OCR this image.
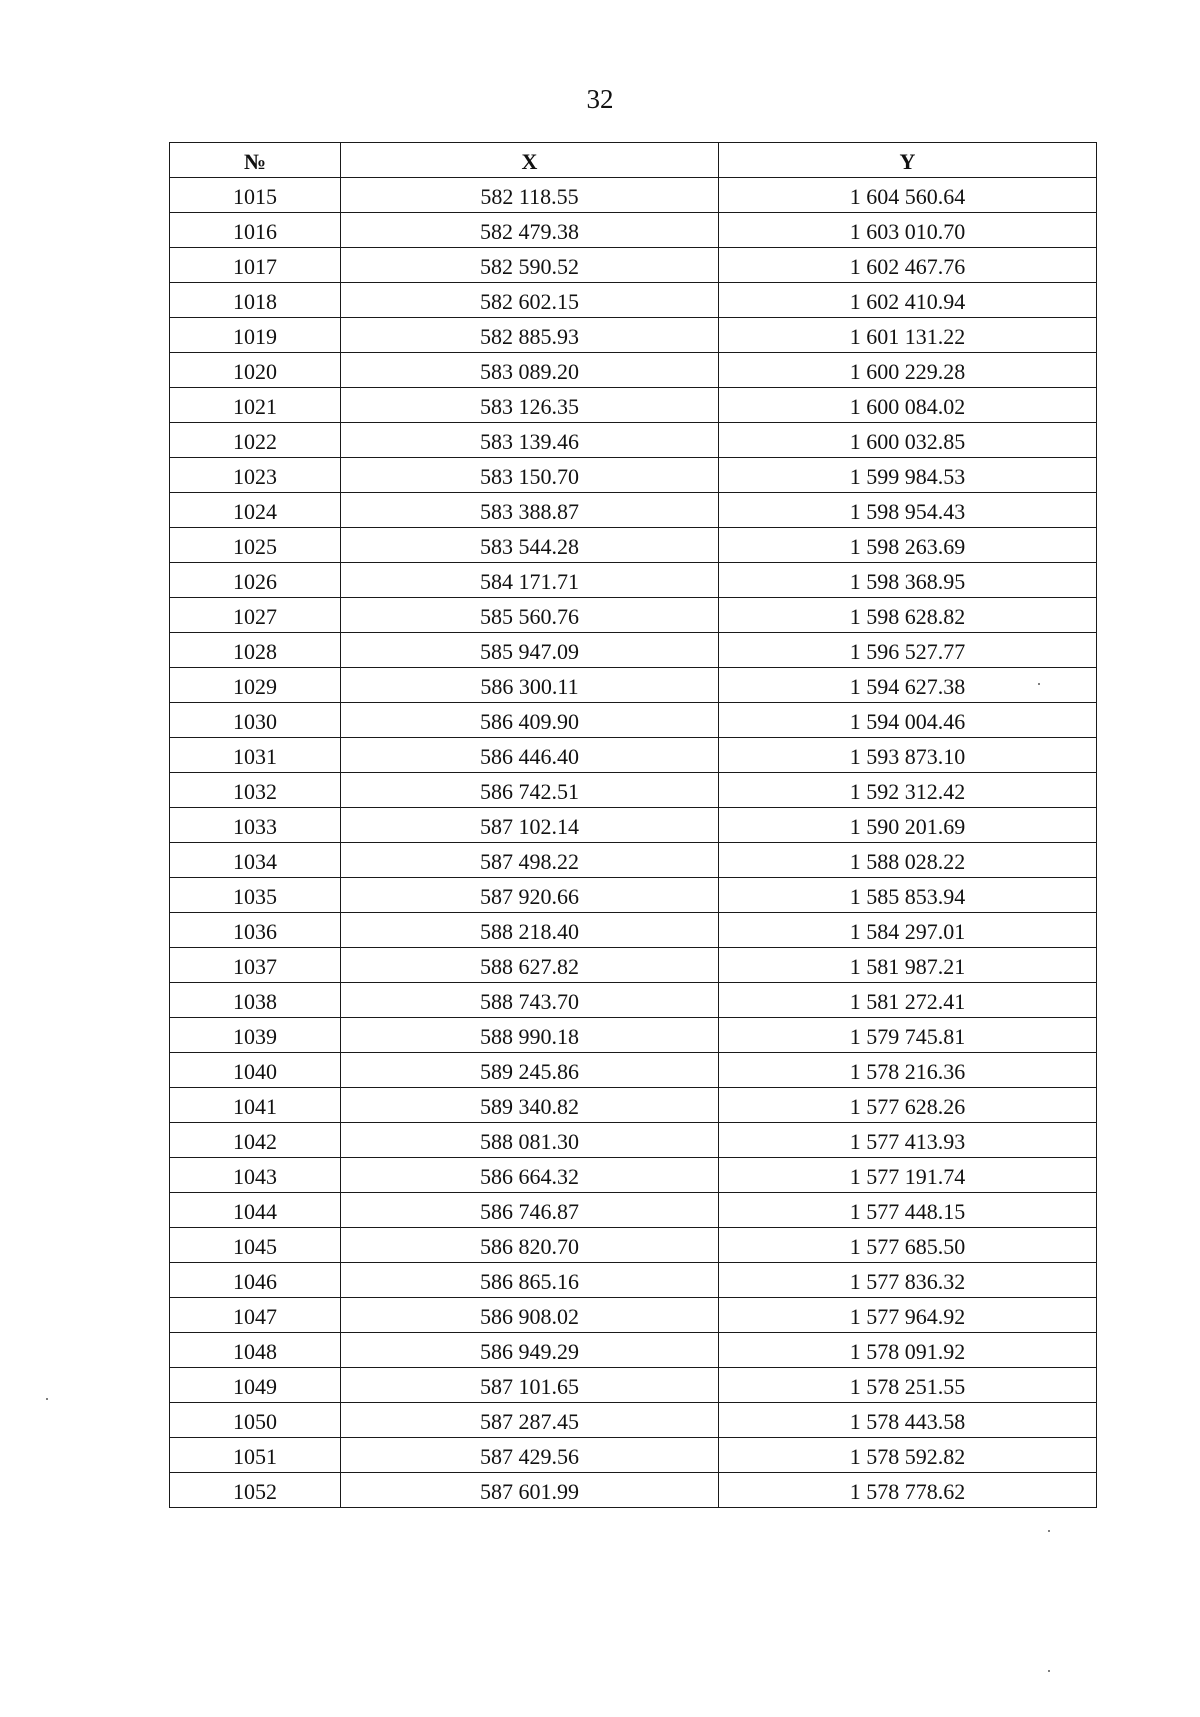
32
№	X	Y
1015	582 118.55	1 604 560.64
1016	582 479.38	1 603 010.70
1017	582 590.52	1 602 467.76
1018	582 602.15	1 602 410.94
1019	582 885.93	1 601 131.22
1020	583 089.20	1 600 229.28
1021	583 126.35	1 600 084.02
1022	583 139.46	1 600 032.85
1023	583 150.70	1 599 984.53
1024	583 388.87	1 598 954.43
1025	583 544.28	1 598 263.69
1026	584 171.71	1 598 368.95
1027	585 560.76	1 598 628.82
1028	585 947.09	1 596 527.77
1029	586 300.11	1 594 627.38
1030	586 409.90	1 594 004.46
1031	586 446.40	1 593 873.10
1032	586 742.51	1 592 312.42
1033	587 102.14	1 590 201.69
1034	587 498.22	1 588 028.22
1035	587 920.66	1 585 853.94
1036	588 218.40	1 584 297.01
1037	588 627.82	1 581 987.21
1038	588 743.70	1 581 272.41
1039	588 990.18	1 579 745.81
1040	589 245.86	1 578 216.36
1041	589 340.82	1 577 628.26
1042	588 081.30	1 577 413.93
1043	586 664.32	1 577 191.74
1044	586 746.87	1 577 448.15
1045	586 820.70	1 577 685.50
1046	586 865.16	1 577 836.32
1047	586 908.02	1 577 964.92
1048	586 949.29	1 578 091.92
1049	587 101.65	1 578 251.55
1050	587 287.45	1 578 443.58
1051	587 429.56	1 578 592.82
1052	587 601.99	1 578 778.62
